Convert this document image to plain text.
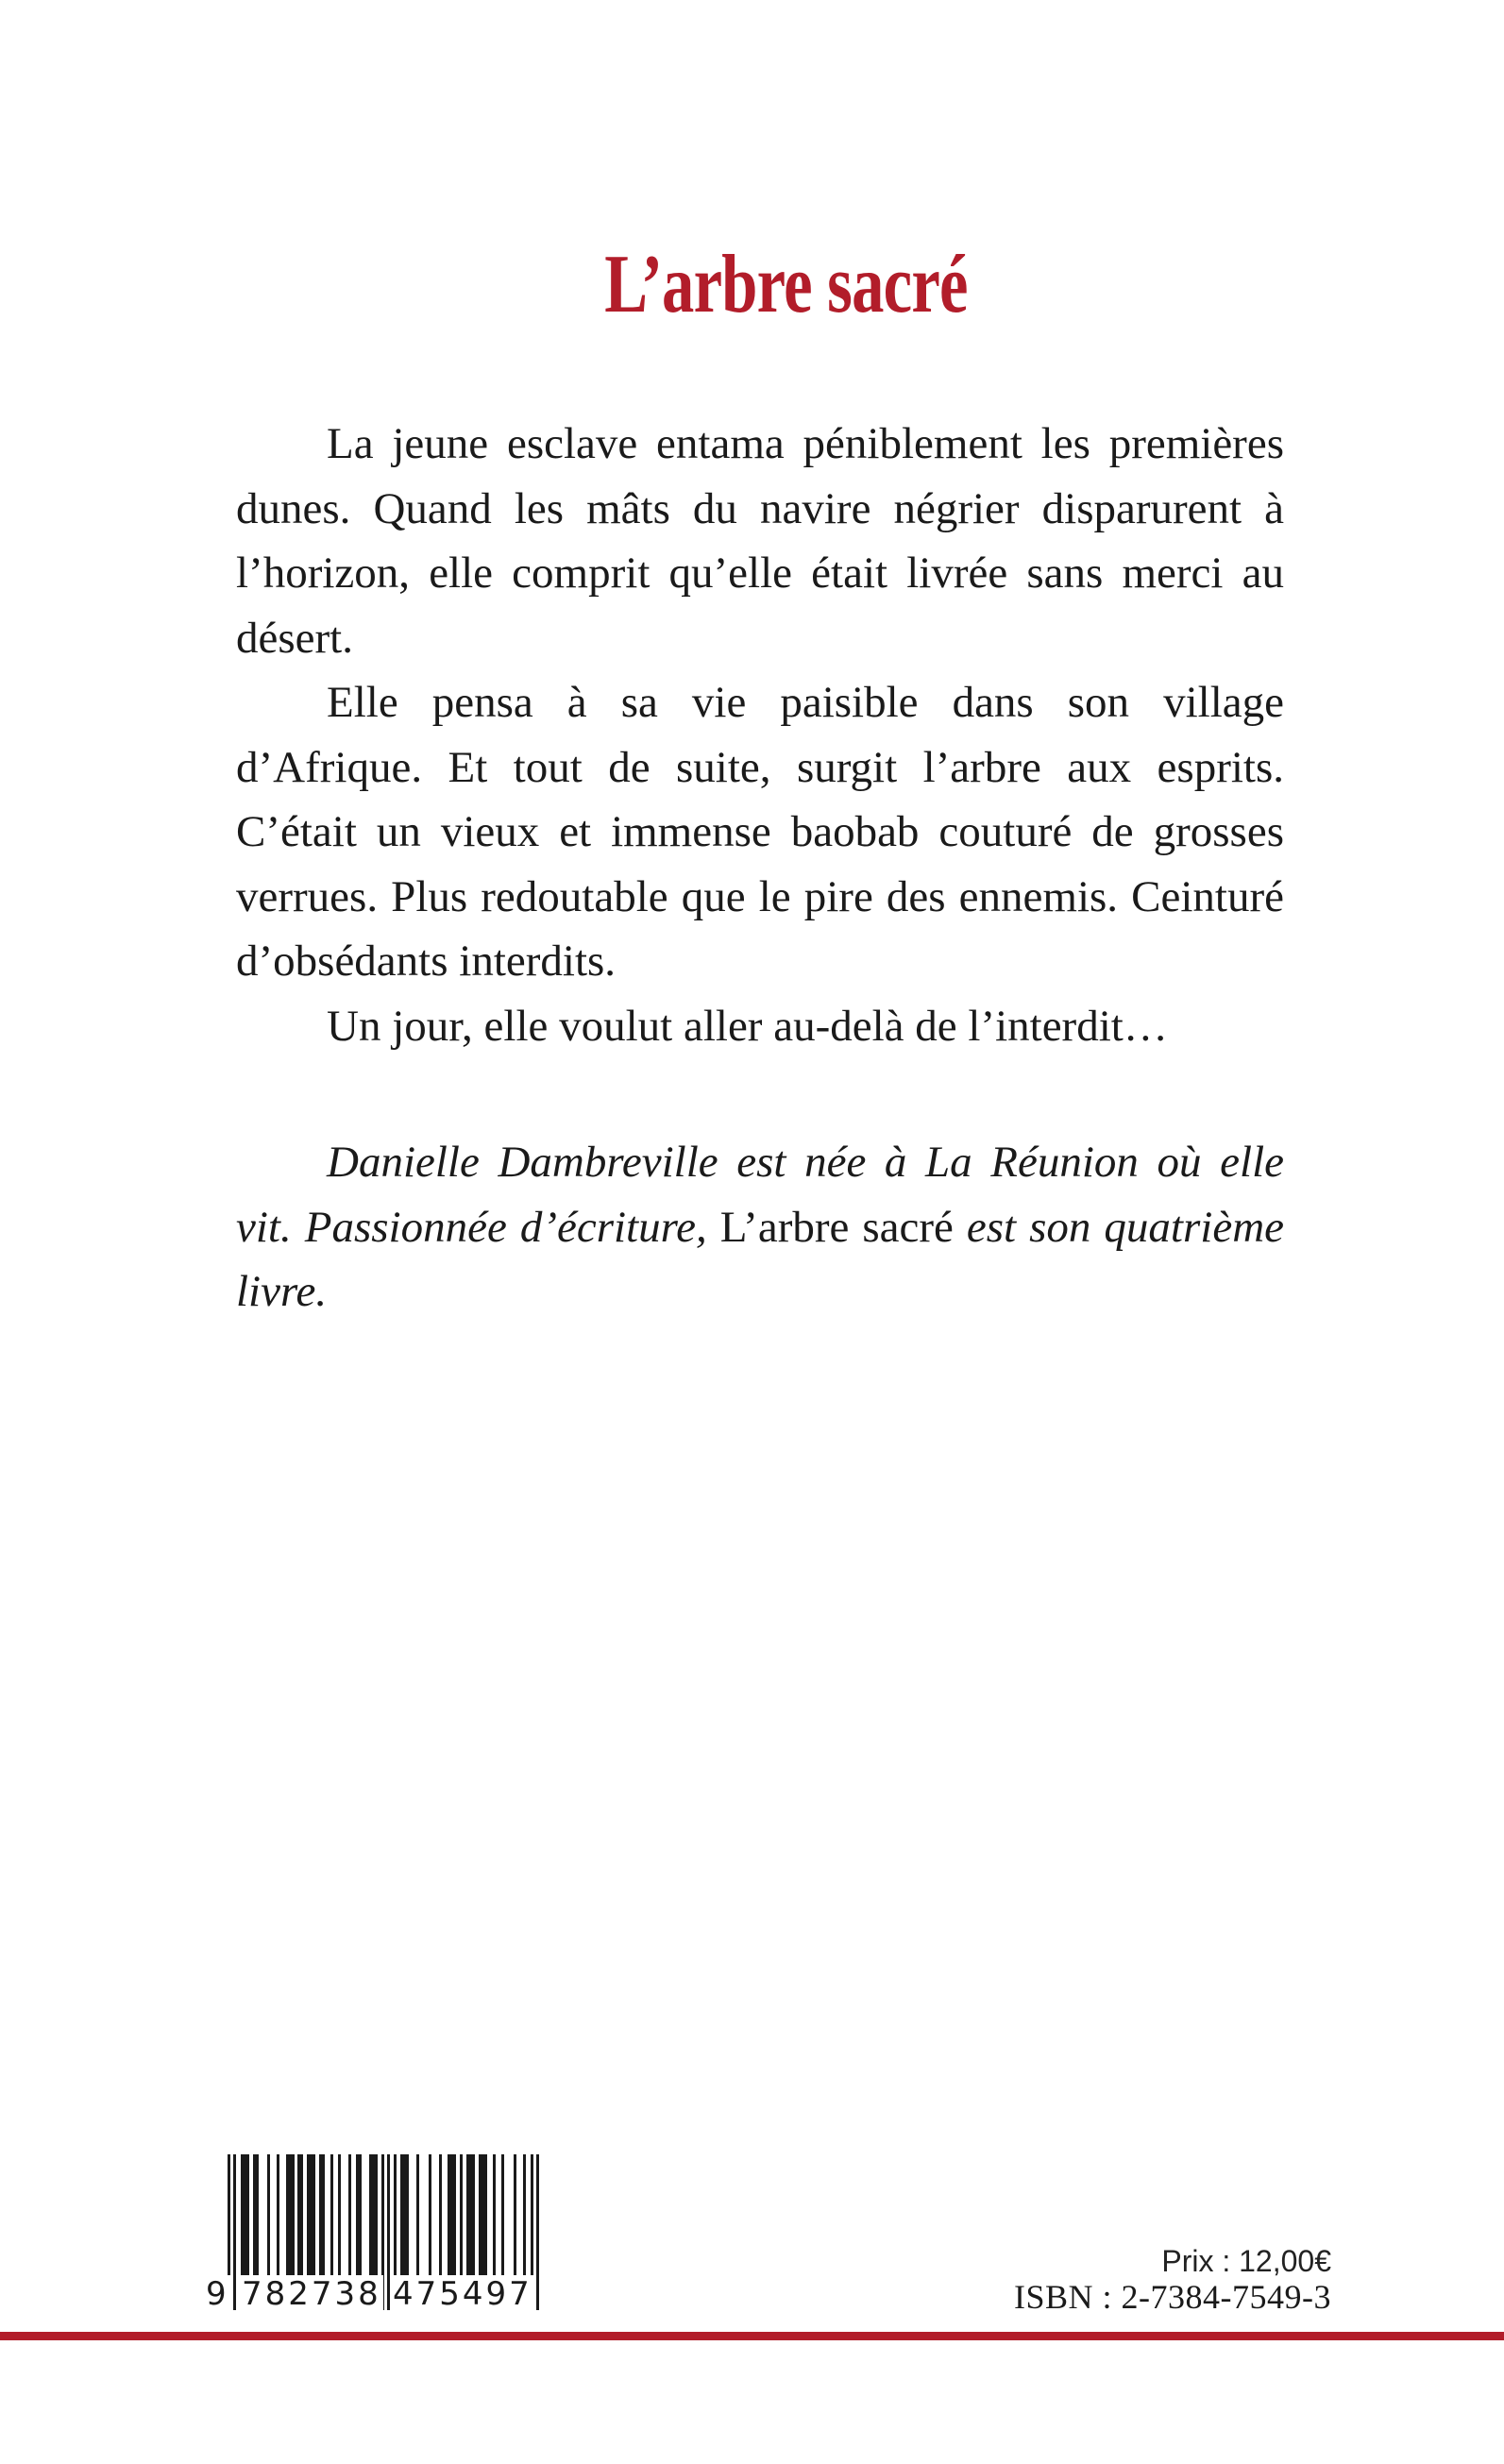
L’arbre sacré

La jeune esclave entama péniblement les premières dunes. Quand les mâts du navire négrier disparurent à l’horizon, elle comprit qu’elle était livrée sans merci au désert.

Elle pensa à sa vie paisible dans son village d’Afrique. Et tout de suite, surgit l’arbre aux esprits. C’était un vieux et immense baobab couturé de grosses verrues. Plus redoutable que le pire des ennemis. Ceinturé d’obsédants interdits.

Un jour, elle voulut aller au-delà de l’interdit…

Danielle Dambreville est née à La Réunion où elle vit. Passionnée d’écriture, L’arbre sacré est son quatrième livre.

9

782738

475497

Prix : 12,00€
ISBN : 2-7384-7549-3
